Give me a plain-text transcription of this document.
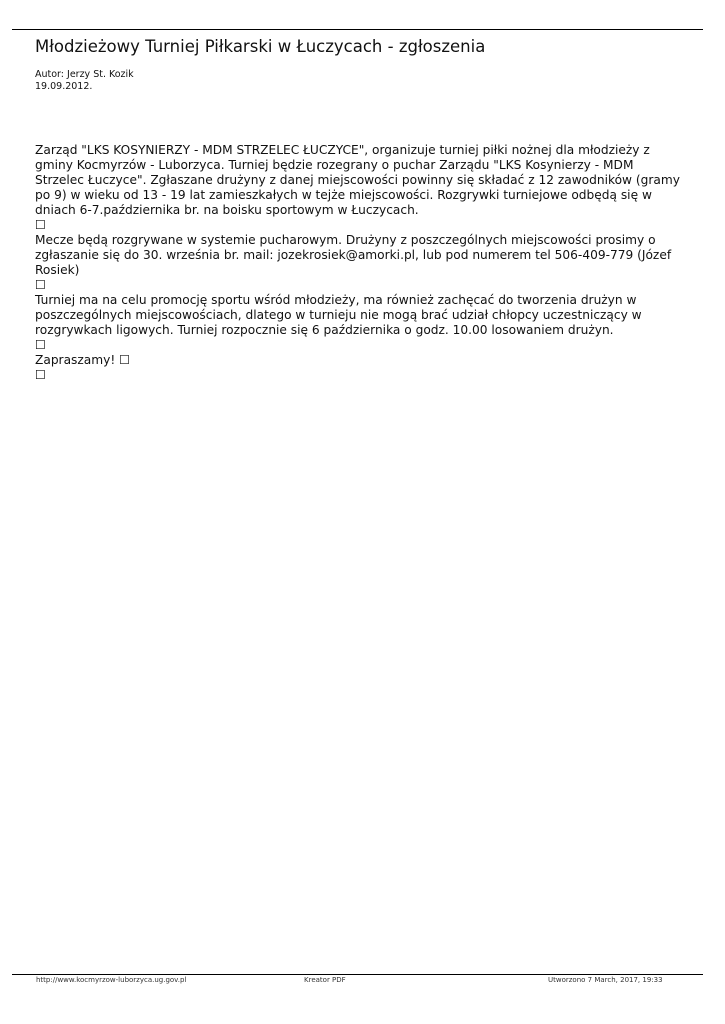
Młodzieżowy Turniej Piłkarski w Łuczycach - zgłoszenia
Autor: Jerzy St. Kozik
19.09.2012.

Zarząd "LKS KOSYNIERZY - MDM STRZELEC ŁUCZYCE", organizuje turniej piłki nożnej dla młodzieży z
gminy Kocmyrzów - Luborzyca. Turniej będzie rozegrany o puchar Zarządu "LKS Kosynierzy - MDM
Strzelec Łuczyce". Zgłaszane drużyny z danej miejscowości powinny się składać z 12 zawodników (gramy
po 9) w wieku od 13 - 19 lat zamieszkałych w tejże miejscowości. Rozgrywki turniejowe odbędą się w
dniach 6-7.października br. na boisku sportowym w Łuczycach.

☐

Mecze będą rozgrywane w systemie pucharowym. Drużyny z poszczególnych miejscowości prosimy o
zgłaszanie się do 30. września br. mail: jozekrosiek@amorki.pl, lub pod numerem tel 506-409-779 (Józef
Rosiek)

☐

Turniej ma na celu promocję sportu wśród młodzieży, ma również zachęcać do tworzenia drużyn w
poszczególnych miejscowościach, dlatego w turnieju nie mogą brać udział chłopcy uczestniczący w
rozgrywkach ligowych. Turniej rozpocznie się 6 października o godz. 10.00 losowaniem drużyn.

☐

Zapraszamy! ☐

☐
http://www.kocmyrzow-luborzyca.ug.gov.pl	Kreator PDF	Utworzono 7 March, 2017, 19:33
